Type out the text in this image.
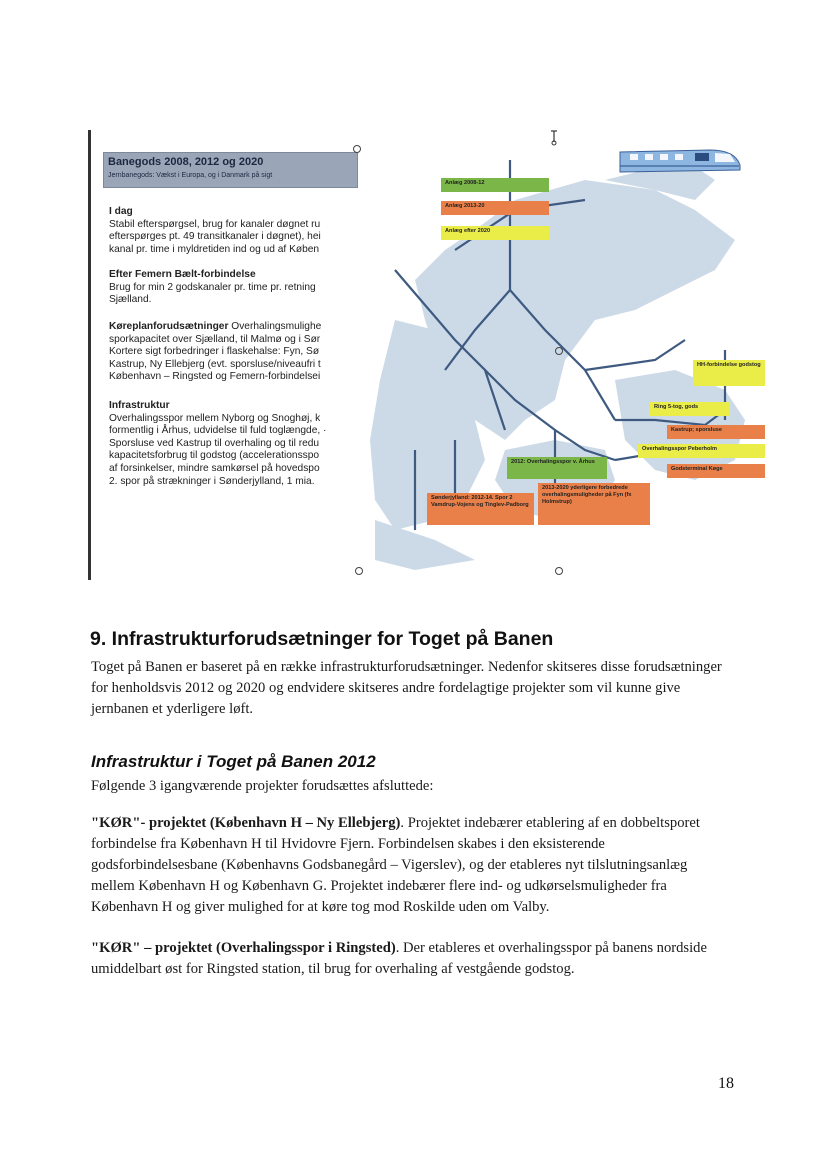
Banegods 2008, 2012 og 2020
Jernbanegods: Vækst i Europa, og i Danmark på sigt
I dag
Stabil efterspørgsel, brug for kanaler døgnet ru
efterspørges pt. 49 transitkanaler i døgnet), hei
kanal pr. time i myldretiden ind og ud af Køben
Efter Femern Bælt-forbindelse
Brug for min 2 godskanaler pr. time pr. retning
Sjælland.
Køreplanforudsætninger Overhalingsmulighe
sporkapacitet over Sjælland, til Malmø og i Sør
Kortere sigt forbedringer i flaskehalse: Fyn, Sø
Kastrup, Ny Ellebjerg (evt. sporsluse/niveaufri t
København – Ringsted og Femern-forbindelsei
Infrastruktur
Overhalingsspor mellem Nyborg og Snoghøj, k
formentlig i Århus, udvidelse til fuld toglængde, ·
Sporsluse ved Kastrup til overhaling og til redu
kapacitetsforbrug til godstog (accelerationsspo
af forsinkelser, mindre samkørsel på hovedspo
2. spor på strækninger i Sønderjylland, 1 mia.
Anlæg 2008-12
Anlæg 2013-20
Anlæg efter 2020
HH-forbindelse godstog
Ring 5-tog, gods
Kastrup; sporsluse
Overhalingsspor Peberholm
Godsterminal Køge
2012: Overhalingsspor v. Århus
2013-2020 yderligere forbedrede overhalingsmuligheder på Fyn (fx Holmstrup)
Sønderjylland: 2012-14. Spor 2 Vamdrup-Vojens og Tinglev-Padborg
9. Infrastrukturforudsætninger for Toget på Banen
Toget på Banen er baseret på en række infrastrukturforudsætninger. Nedenfor skitseres disse forudsætninger for henholdsvis 2012 og 2020 og endvidere skitseres andre fordelagtige projekter som vil kunne give jernbanen et yderligere løft.
Infrastruktur i Toget på Banen 2012
Følgende 3 igangværende projekter forudsættes afsluttede:
"KØR"- projektet (København H – Ny Ellebjerg). Projektet indebærer etablering af en dobbeltsporet forbindelse fra København H til Hvidovre Fjern. Forbindelsen skabes i den eksisterende godsforbindelsesbane (Københavns Godsbanegård – Vigerslev), og der etableres nyt tilslutningsanlæg mellem København H og København G. Projektet indebærer flere ind- og udkørselsmuligheder fra København H og giver mulighed for at køre tog mod Roskilde uden om Valby.
"KØR" – projektet (Overhalingsspor i Ringsted). Der etableres et overhalingsspor på banens nordside umiddelbart øst for Ringsted station, til brug for overhaling af vestgående godstog.
18
